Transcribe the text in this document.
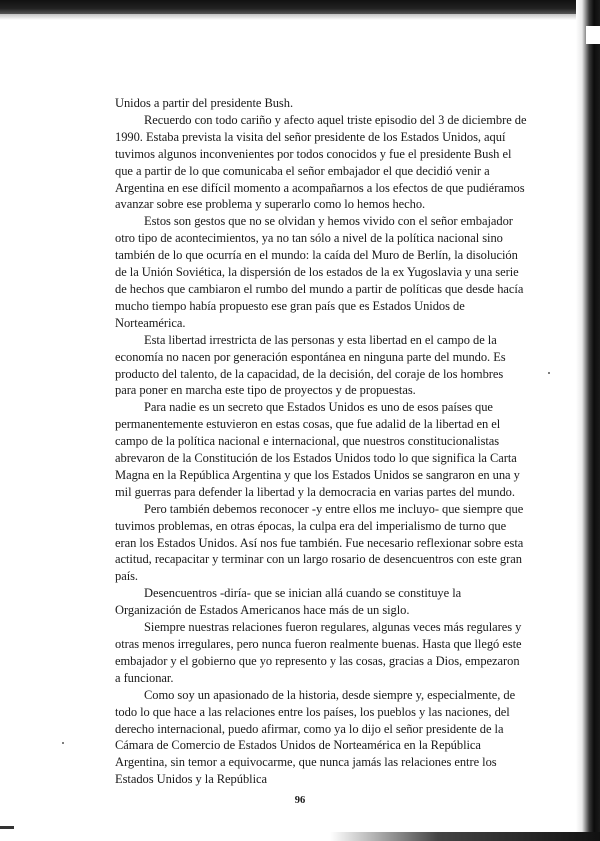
Unidos a partir del presidente Bush.

Recuerdo con todo cariño y afecto aquel triste episodio del 3 de diciembre de 1990. Estaba prevista la visita del señor presidente de los Estados Unidos, aquí tuvimos algunos inconvenientes por todos conocidos y fue el presidente Bush el que a partir de lo que comunicaba el señor embajador el que decidió venir a Argentina en ese difícil momento a acompañarnos a los efectos de que pudiéramos avanzar sobre ese problema y superarlo como lo hemos hecho.

Estos son gestos que no se olvidan y hemos vivido con el señor embajador otro tipo de acontecimientos, ya no tan sólo a nivel de la política nacional sino también de lo que ocurría en el mundo: la caída del Muro de Berlín, la disolución de la Unión Soviética, la dispersión de los estados de la ex Yugoslavia y una serie de hechos que cambiaron el rumbo del mundo a partir de políticas que desde hacía mucho tiempo había propuesto ese gran país que es Estados Unidos de Norteamérica.

Esta libertad irrestricta de las personas y esta libertad en el campo de la economía no nacen por generación espontánea en ninguna parte del mundo. Es producto del talento, de la capacidad, de la decisión, del coraje de los hombres para poner en marcha este tipo de proyectos y de propuestas.

Para nadie es un secreto que Estados Unidos es uno de esos países que permanentemente estuvieron en estas cosas, que fue adalid de la libertad en el campo de la política nacional e internacional, que nuestros constitucionalistas abrevaron de la Constitución de los Estados Unidos todo lo que significa la Carta Magna en la República Argentina y que los Estados Unidos se sangraron en una y mil guerras para defender la libertad y la democracia en varias partes del mundo.

Pero también debemos reconocer -y entre ellos me incluyo- que siempre que tuvimos problemas, en otras épocas, la culpa era del imperialismo de turno que eran los Estados Unidos. Así nos fue también. Fue necesario reflexionar sobre esta actitud, recapacitar y terminar con un largo rosario de desencuentros con este gran país.

Desencuentros -diría- que se inician allá cuando se constituye la Organización de Estados Americanos hace más de un siglo.

Siempre nuestras relaciones fueron regulares, algunas veces más regulares y otras menos irregulares, pero nunca fueron realmente buenas. Hasta que llegó este embajador y el gobierno que yo represento y las cosas, gracias a Dios, empezaron a funcionar.

Como soy un apasionado de la historia, desde siempre y, especialmente, de todo lo que hace a las relaciones entre los países, los pueblos y las naciones, del derecho internacional, puedo afirmar, como ya lo dijo el señor presidente de la Cámara de Comercio de Estados Unidos de Norteamérica en la República Argentina, sin temor a equivocarme, que nunca jamás las relaciones entre los Estados Unidos y la República

96
